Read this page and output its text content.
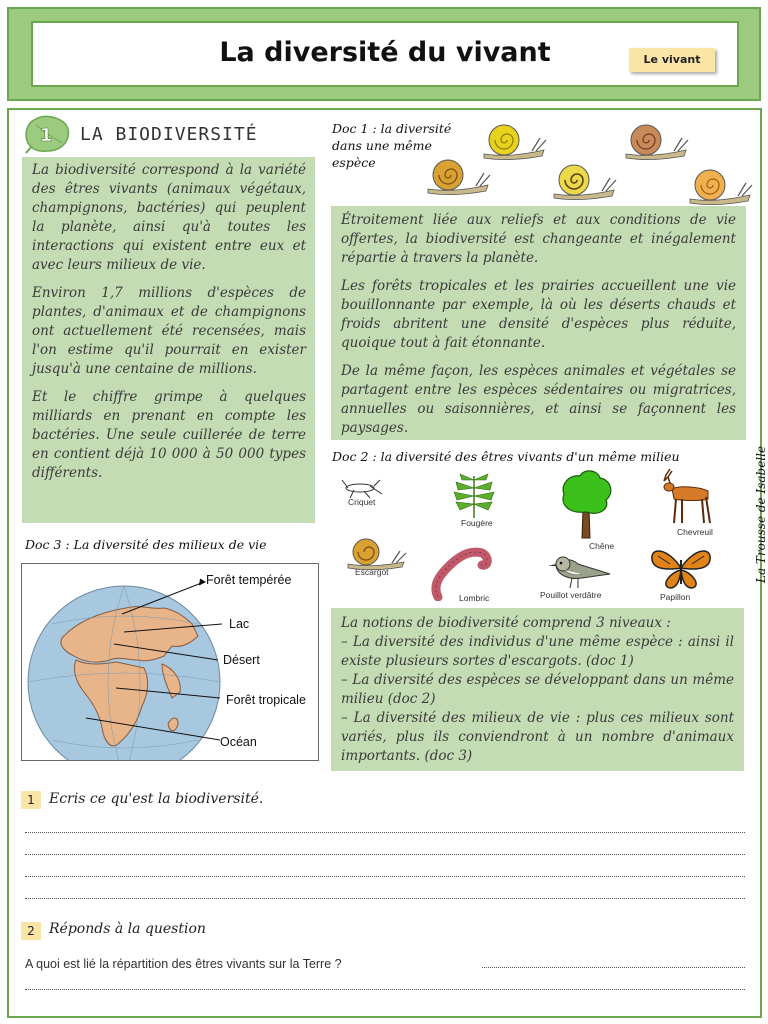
La diversité du vivant	Le vivant
1 LA BIODIVERSITÉ

La biodiversité correspond à la variété des êtres vivants (animaux végétaux, champignons, bactéries) qui peuplent la planète, ainsi qu'à toutes les interactions qui existent entre eux et avec leurs milieux de vie.

Environ 1,7 millions d'espèces de plantes, d'animaux et de champignons ont actuellement été recensées, mais l'on estime qu'il pourrait en exister jusqu'à une centaine de millions.

Et le chiffre grimpe à quelques milliards en prenant en compte les bactéries. Une seule cuillerée de terre en contient déjà 10 000 à 50 000 types différents.

Doc 1 : la diversité dans une même espèce

Étroitement liée aux reliefs et aux conditions de vie offertes, la biodiversité est changeante et inégalement répartie à travers la planète.

Les forêts tropicales et les prairies accueillent une vie bouillonnante par exemple, là où les déserts chauds et froids abritent une densité d'espèces plus réduite, quoique tout à fait étonnante.

De la même façon, les espèces animales et végétales se partagent entre les espèces sédentaires ou migratrices, annuelles ou saisonnières, et ainsi se façonnent les paysages.

Doc 2 : la diversité des êtres vivants d'un même milieu
Criquet
Fougère
Chêne
Chevreuil
Escargot
Lombric	Pouillot verdâtre	Papillon
La Trousse de Isabelle
Doc 3 : La diversité des milieux de vie
Forêt tempérée
Lac
Désert
Forêt tropicale
Océan

La notions de biodiversité comprend 3 niveaux :
– La diversité des individus d'une même espèce : ainsi il existe plusieurs sortes d'escargots. (doc 1)
– La diversité des espèces se développant dans un même milieu (doc 2)
– La diversité des milieux de vie : plus ces milieux sont variés, plus ils conviendront à un nombre d'animaux importants. (doc 3)

1	Ecris ce qu'est la biodiversité.
2	Réponds à la question
A quoi est lié la répartition des êtres vivants sur la Terre ?
